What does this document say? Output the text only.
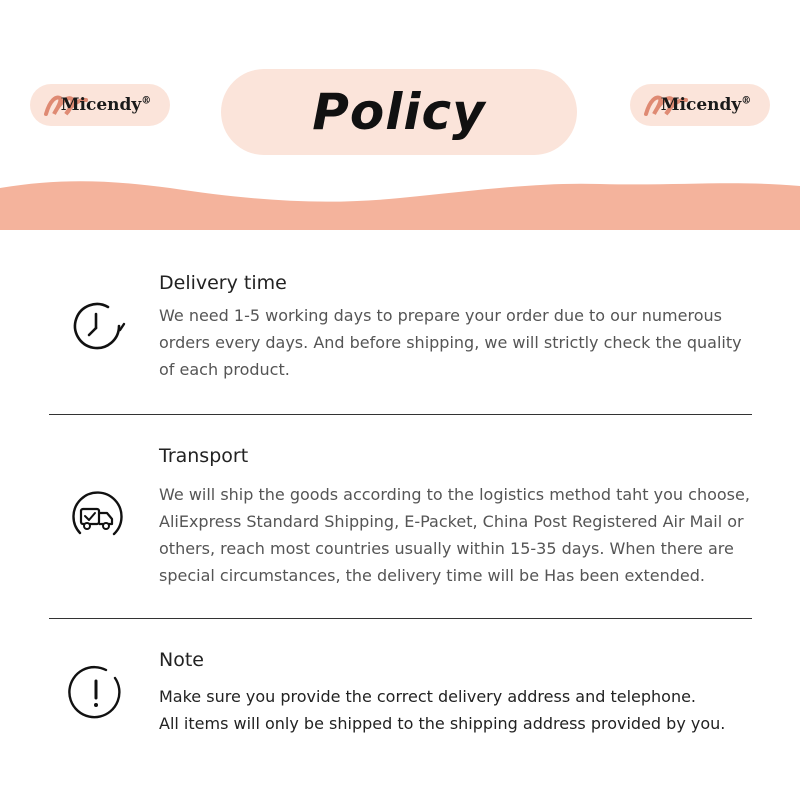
Micendy®	Policy	Micendy®
Delivery time
We need 1-5 working days to prepare your order due to our numerous orders every days. And before shipping, we will strictly check the quality of each product.
Transport
We will ship the goods according to the logistics method taht you choose, AliExpress Standard Shipping, E-Packet, China Post Registered Air Mail or others, reach most countries usually within 15-35 days. When there are special circumstances, the delivery time will be Has been extended.
Note
Make sure you provide the correct delivery address and telephone.
All items will only be shipped to the shipping address provided by you.
